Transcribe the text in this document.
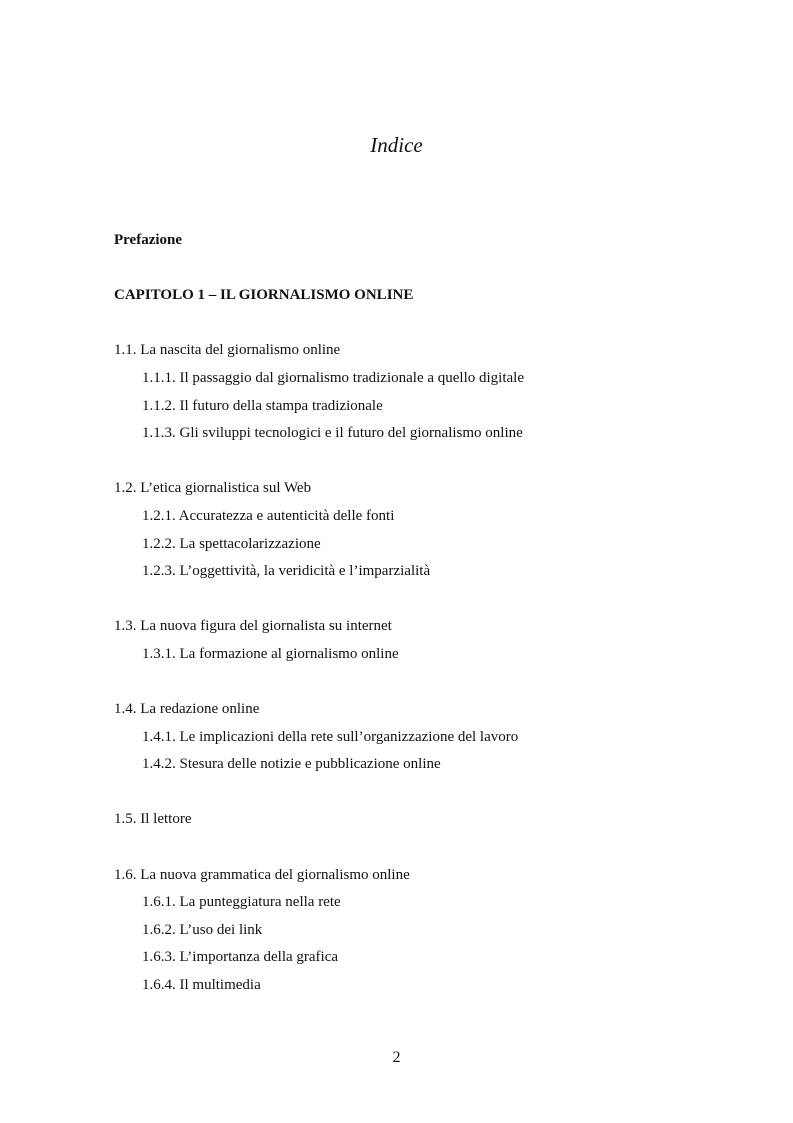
Indice
Prefazione
CAPITOLO 1 – IL GIORNALISMO ONLINE
1.1. La nascita del giornalismo online
1.1.1. Il passaggio dal giornalismo tradizionale a quello digitale
1.1.2. Il futuro della stampa tradizionale
1.1.3. Gli sviluppi tecnologici e il futuro del giornalismo online
1.2. L’etica giornalistica sul Web
1.2.1. Accuratezza e autenticità delle fonti
1.2.2. La spettacolarizzazione
1.2.3. L’oggettività, la veridicità e l’imparzialità
1.3. La nuova figura del giornalista su internet
1.3.1. La formazione al giornalismo online
1.4. La redazione online
1.4.1. Le implicazioni della rete sull’organizzazione del lavoro
1.4.2. Stesura delle notizie e pubblicazione online
1.5. Il lettore
1.6. La nuova grammatica del giornalismo online
1.6.1. La punteggiatura nella rete
1.6.2. L’uso dei link
1.6.3. L’importanza della grafica
1.6.4. Il multimedia
2
